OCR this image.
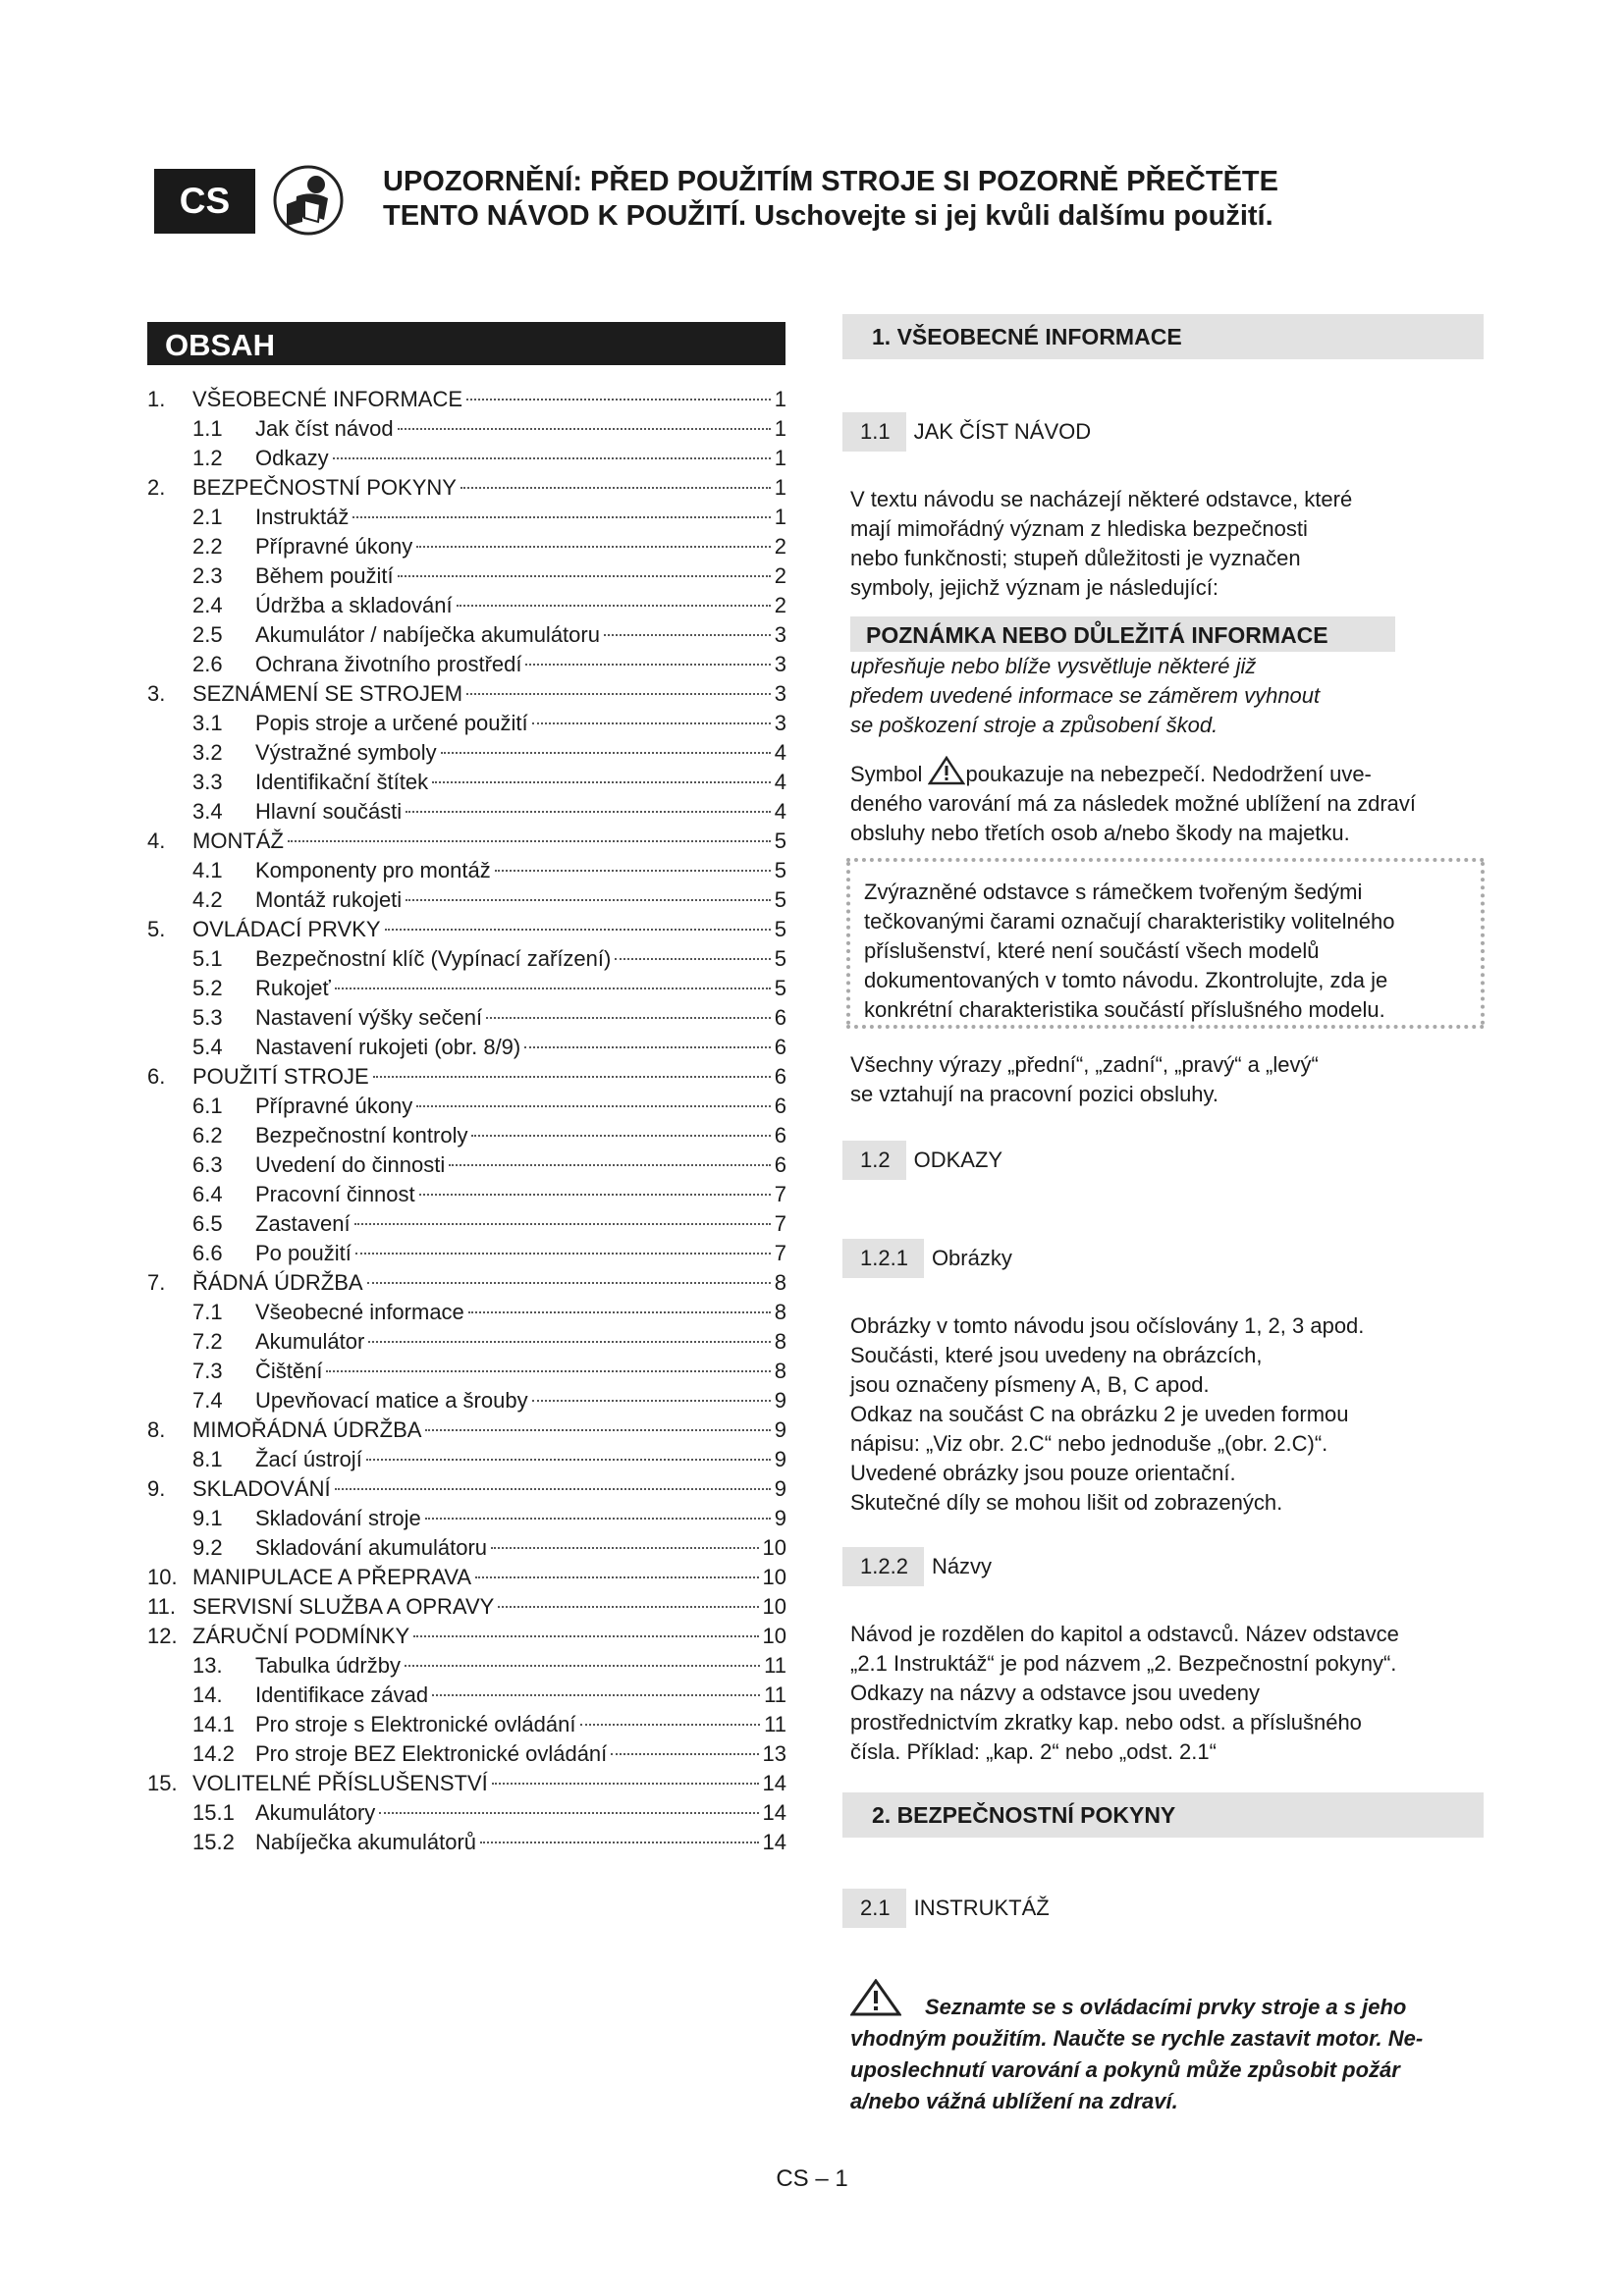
CS	UPOZORNĚNÍ: PŘED POUŽITÍM STROJE SI POZORNĚ PŘEČTĚTE
TENTO NÁVOD K POUŽITÍ. Uschovejte si jej kvůli dalšímu použití.
OBSAH
1.	VŠEOBECNÉ INFORMACE	1
1.1	Jak číst návod	1
1.2	Odkazy	1
2.	BEZPEČNOSTNÍ POKYNY	1
2.1	Instruktáž	1
2.2	Přípravné úkony	2
2.3	Během použití	2
2.4	Údržba a skladování	2
2.5	Akumulátor / nabíječka akumulátoru	3
2.6	Ochrana životního prostředí	3
3.	SEZNÁMENÍ SE STROJEM	3
3.1	Popis stroje a určené použití	3
3.2	Výstražné symboly	4
3.3	Identifikační štítek	4
3.4	Hlavní součásti	4
4.	MONTÁŽ	5
4.1	Komponenty pro montáž	5
4.2	Montáž rukojeti	5
5.	OVLÁDACÍ PRVKY	5
5.1	Bezpečnostní klíč (Vypínací zařízení)	5
5.2	Rukojeť	5
5.3	Nastavení výšky sečení	6
5.4	Nastavení rukojeti (obr. 8/9)	6
6.	POUŽITÍ STROJE	6
6.1	Přípravné úkony	6
6.2	Bezpečnostní kontroly	6
6.3	Uvedení do činnosti	6
6.4	Pracovní činnost	7
6.5	Zastavení	7
6.6	Po použití	7
7.	ŘÁDNÁ ÚDRŽBA	8
7.1	Všeobecné informace	8
7.2	Akumulátor	8
7.3	Čištění	8
7.4	Upevňovací matice a šrouby	9
8.	MIMOŘÁDNÁ ÚDRŽBA	9
8.1	Žací ústrojí	9
9.	SKLADOVÁNÍ	9
9.1	Skladování stroje	9
9.2	Skladování akumulátoru	10
10. MANIPULACE A PŘEPRAVA	10
11. SERVISNÍ SLUŽBA A OPRAVY	10
12. ZÁRUČNÍ PODMÍNKY	10
13.	Tabulka údržby	11
14.	Identifikace závad	11
14.1 Pro stroje s Elektronické ovládání	11
14.2 Pro stroje BEZ Elektronické ovládání	13
15. VOLITELNÉ PŘÍSLUŠENSTVÍ	14
15.1 Akumulátory	14
15.2 Nabíječka akumulátorů	14
1. VŠEOBECNÉ INFORMACE
1.1	JAK ČÍST NÁVOD

V textu návodu se nacházejí některé odstavce, které

mají mimořádný význam z hlediska bezpečnosti

nebo funkčnosti; stupeň důležitosti je vyznačen

symboly, jejichž význam je následující:

POZNÁMKA NEBO DŮLEŽITÁ INFORMACE
upřesňuje nebo blíže vysvětluje některé již
předem uvedené informace se záměrem vyhnout
se poškození stroje a způsobení škod.

Symbol poukazuje na nebezpečí. Nedodržení uve-

deného varování má za následek možné ublížení na zdraví

obsluhy nebo třetích osob a/nebo škody na majetku.

Zvýrazněné odstavce s rámečkem tvořeným šedými
tečkovanými čarami označují charakteristiky volitelného
příslušenství, které není součástí všech modelů
dokumentovaných v tomto návodu. Zkontrolujte, zda je
konkrétní charakteristika součástí příslušného modelu.

Všechny výrazy „přední“, „zadní“, „pravý“ a „levý“

se vztahují na pracovní pozici obsluhy.

1.2	ODKAZY
1.2.1	Obrázky

Obrázky v tomto návodu jsou očíslovány 1, 2, 3 apod.

Součásti, které jsou uvedeny na obrázcích,

jsou označeny písmeny A, B, C apod.

Odkaz na součást C na obrázku 2 je uveden formou

nápisu: „Viz obr. 2.C“ nebo jednoduše „(obr. 2.C)“.

Uvedené obrázky jsou pouze orientační.

Skutečné díly se mohou lišit od zobrazených.

1.2.2	Názvy

Návod je rozdělen do kapitol a odstavců. Název odstavce

„2.1 Instruktáž“ je pod názvem „2. Bezpečnostní pokyny“.

Odkazy na názvy a odstavce jsou uvedeny

prostřednictvím zkratky kap. nebo odst. a příslušného

čísla. Příklad: „kap. 2“ nebo „odst. 2.1“

2. BEZPEČNOSTNÍ POKYNY
2.1	INSTRUKTÁŽ
Seznamte se s ovládacími prvky stroje a s jeho
vhodným použitím. Naučte se rychle zastavit motor. Ne-
uposlechnutí varování a pokynů může způsobit požár
a/nebo vážná ublížení na zdraví.
CS – 1
